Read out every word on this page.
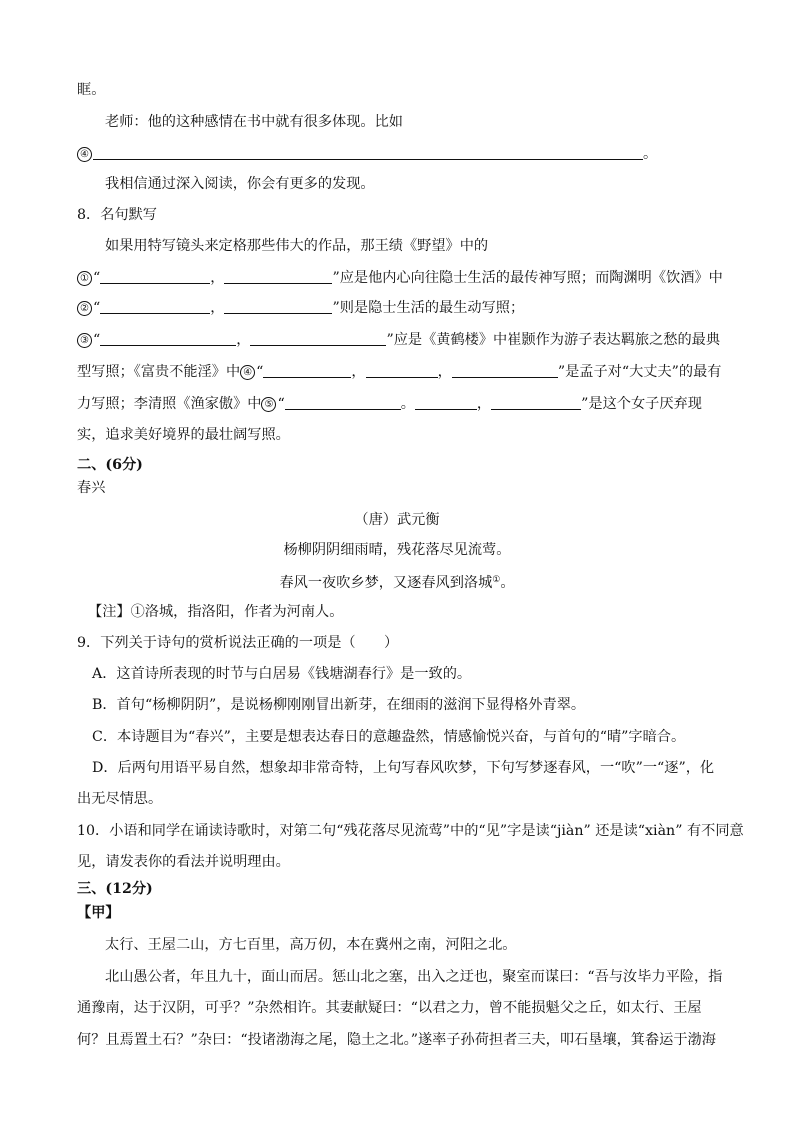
眶。
老师：他的这种感情在书中就有很多体现。比如
④	。
我相信通过深入阅读，你会有更多的发现。
8．名句默写
如果用特写镜头来定格那些伟大的作品，那王绩《野望》中的
① “	，	”应是他内心向往隐士生活的最传神写照；而陶渊明《饮酒》中
② “	，	”则是隐士生活的最生动写照；
③ “	，	”应是《黄鹤楼》中崔颢作为游子表达羁旅之愁的最典
型写照；《富贵不能淫》中 ④ “	，	，	”是孟子对“大丈夫”的最有
力写照；李清照《渔家傲》中 ⑤ “	。	，	”是这个女子厌弃现
实，追求美好境界的最壮阔写照。
二、(6分)
春兴
（唐）武元衡
杨柳阴阴细雨晴，残花落尽见流莺。
春风一夜吹乡梦，又逐春风到洛城①。
【注】①洛城，指洛阳，作者为河南人。
9．下列关于诗句的赏析说法正确的一项是（　　）
A．这首诗所表现的时节与白居易《钱塘湖春行》是一致的。
B．首句“杨柳阴阴”，是说杨柳刚刚冒出新芽，在细雨的滋润下显得格外青翠。
C．本诗题目为“春兴”，主要是想表达春日的意趣盎然，情感愉悦兴奋，与首句的“晴”字暗合。
D．后两句用语平易自然，想象却非常奇特，上句写春风吹梦，下句写梦逐春风，一“吹”一“逐”，化
出无尽情思。
10．小语和同学在诵读诗歌时，对第二句“残花落尽见流莺”中的“见”字是读“jiàn” 还是读“xiàn” 有不同意
见，请发表你的看法并说明理由。
三、(12分)
【甲】
太行、王屋二山，方七百里，高万仞，本在冀州之南，河阳之北。
北山愚公者，年且九十，面山而居。惩山北之塞，出入之迂也，聚室而谋曰：“吾与汝毕力平险，指
通豫南，达于汉阴，可乎？”杂然相许。其妻献疑曰：“以君之力，曾不能损魁父之丘，如太行、王屋
何？且焉置土石？”杂曰：“投诸渤海之尾，隐土之北。”遂率子孙荷担者三夫，叩石垦壤，箕畚运于渤海
